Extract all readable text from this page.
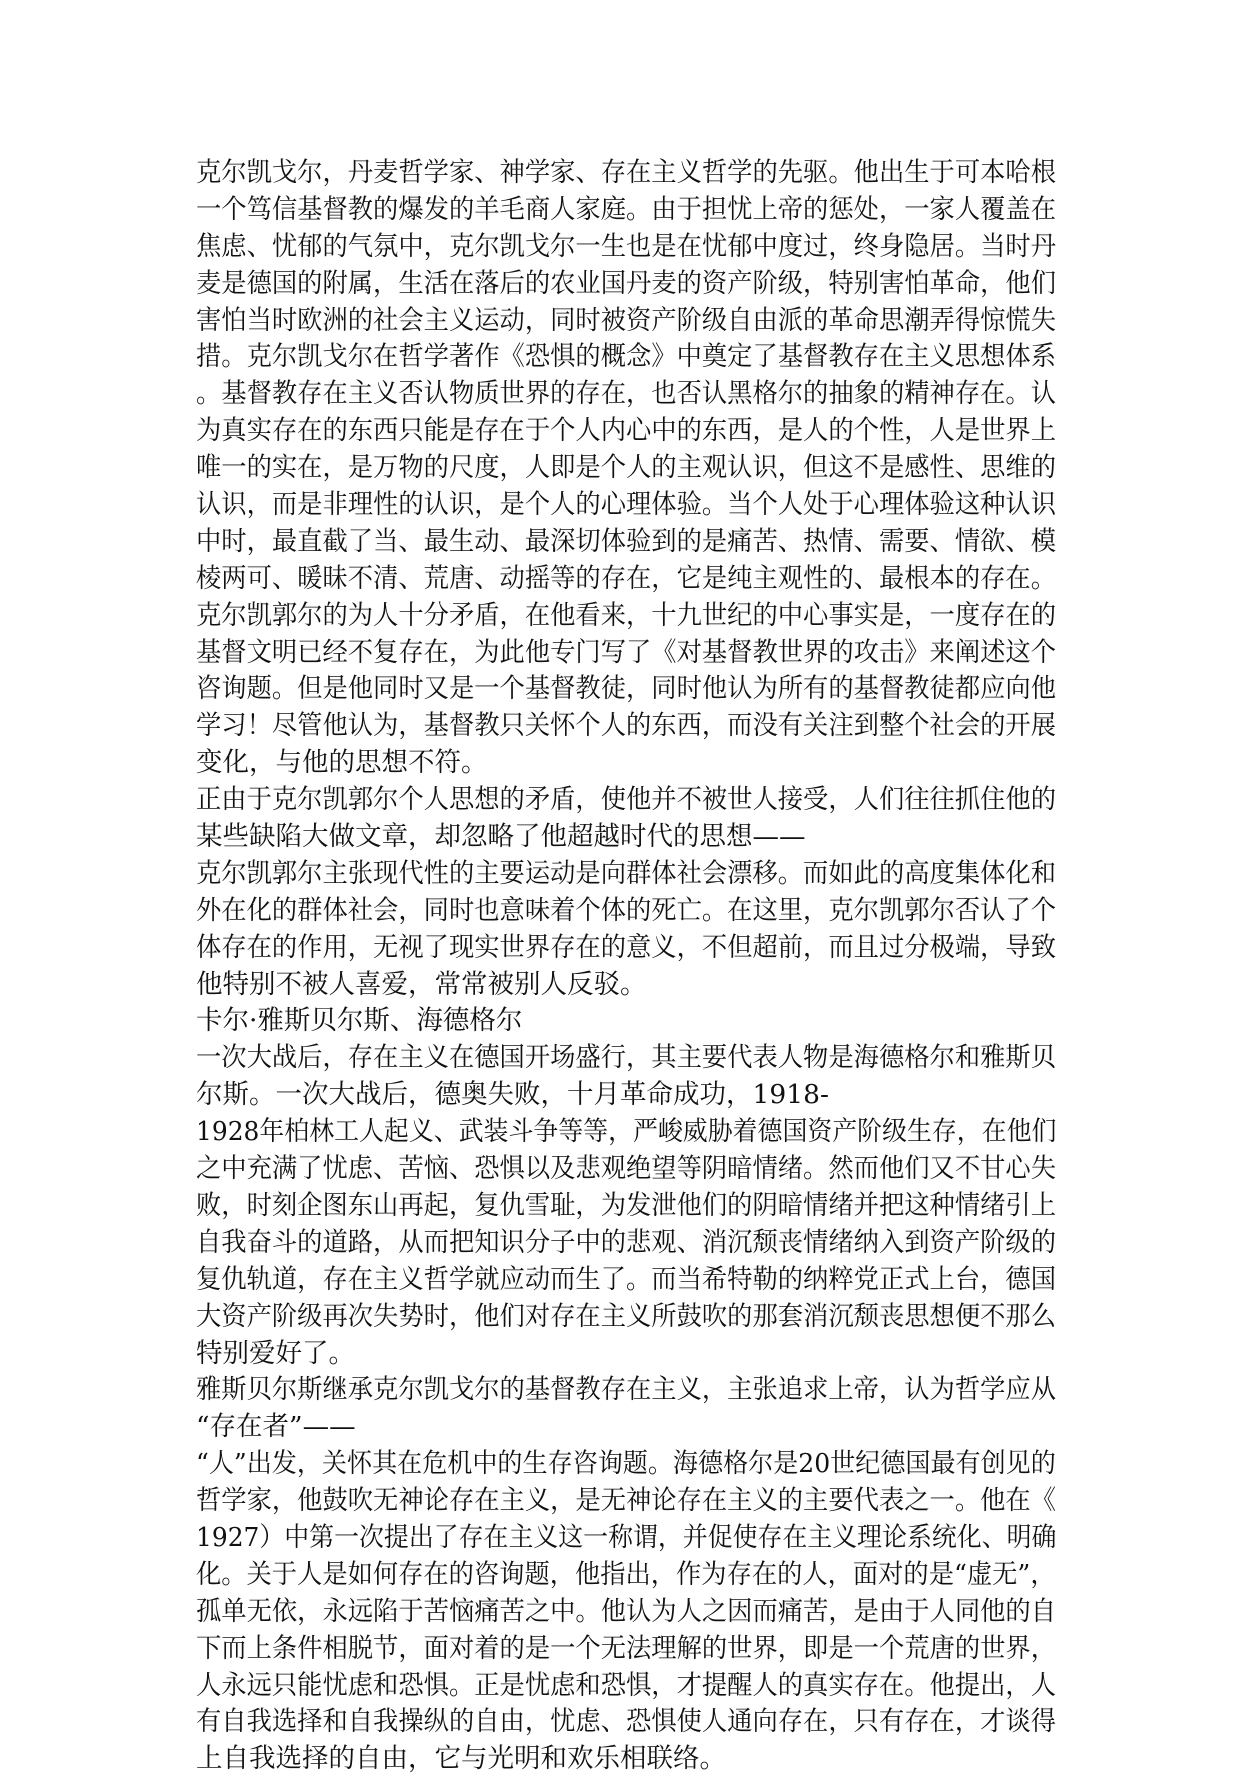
克尔凯戈尔，丹麦哲学家、神学家、存在主义哲学的先驱。他出生于可本哈根
一个笃信基督教的爆发的羊毛商人家庭。由于担忧上帝的惩处，一家人覆盖在
焦虑、忧郁的气氛中，克尔凯戈尔一生也是在忧郁中度过，终身隐居。当时丹
麦是德国的附属，生活在落后的农业国丹麦的资产阶级，特别害怕革命，他们
害怕当时欧洲的社会主义运动，同时被资产阶级自由派的革命思潮弄得惊慌失
措。克尔凯戈尔在哲学著作《恐惧的概念》中奠定了基督教存在主义思想体系
。基督教存在主义否认物质世界的存在，也否认黑格尔的抽象的精神存在。认
为真实存在的东西只能是存在于个人内心中的东西，是人的个性，人是世界上
唯一的实在，是万物的尺度，人即是个人的主观认识，但这不是感性、思维的
认识，而是非理性的认识，是个人的心理体验。当个人处于心理体验这种认识
中时，最直截了当、最生动、最深切体验到的是痛苦、热情、需要、情欲、模
棱两可、暖昧不清、荒唐、动摇等的存在，它是纯主观性的、最根本的存在。
克尔凯郭尔的为人十分矛盾，在他看来，十九世纪的中心事实是，一度存在的
基督文明已经不复存在，为此他专门写了《对基督教世界的攻击》来阐述这个
咨询题。但是他同时又是一个基督教徒，同时他认为所有的基督教徒都应向他
学习！尽管他认为，基督教只关怀个人的东西，而没有关注到整个社会的开展
变化，与他的思想不符。
正由于克尔凯郭尔个人思想的矛盾，使他并不被世人接受，人们往往抓住他的
某些缺陷大做文章，却忽略了他超越时代的思想——
克尔凯郭尔主张现代性的主要运动是向群体社会漂移。而如此的高度集体化和
外在化的群体社会，同时也意味着个体的死亡。在这里，克尔凯郭尔否认了个
体存在的作用，无视了现实世界存在的意义，不但超前，而且过分极端，导致
他特别不被人喜爱，常常被别人反驳。
卡尔·雅斯贝尔斯、海德格尔
一次大战后，存在主义在德国开场盛行，其主要代表人物是海德格尔和雅斯贝
尔斯。一次大战后，德奥失败，十月革命成功，1918-
1928年柏林工人起义、武装斗争等等，严峻威胁着德国资产阶级生存，在他们
之中充满了忧虑、苦恼、恐惧以及悲观绝望等阴暗情绪。然而他们又不甘心失
败，时刻企图东山再起，复仇雪耻，为发泄他们的阴暗情绪并把这种情绪引上
自我奋斗的道路，从而把知识分子中的悲观、消沉颓丧情绪纳入到资产阶级的
复仇轨道，存在主义哲学就应动而生了。而当希特勒的纳粹党正式上台，德国
大资产阶级再次失势时，他们对存在主义所鼓吹的那套消沉颓丧思想便不那么
特别爱好了。
雅斯贝尔斯继承克尔凯戈尔的基督教存在主义，主张追求上帝，认为哲学应从
“存在者”——
“人”出发，关怀其在危机中的生存咨询题。海德格尔是20世纪德国最有创见的
哲学家，他鼓吹无神论存在主义，是无神论存在主义的主要代表之一。他在《
1927）中第一次提出了存在主义这一称谓，并促使存在主义理论系统化、明确
化。关于人是如何存在的咨询题，他指出，作为存在的人，面对的是“虚无”，
孤单无依，永远陷于苦恼痛苦之中。他认为人之因而痛苦，是由于人同他的自
下而上条件相脱节，面对着的是一个无法理解的世界，即是一个荒唐的世界，
人永远只能忧虑和恐惧。正是忧虑和恐惧，才提醒人的真实存在。他提出，人
有自我选择和自我操纵的自由，忧虑、恐惧使人通向存在，只有存在，才谈得
上自我选择的自由，它与光明和欢乐相联络。
